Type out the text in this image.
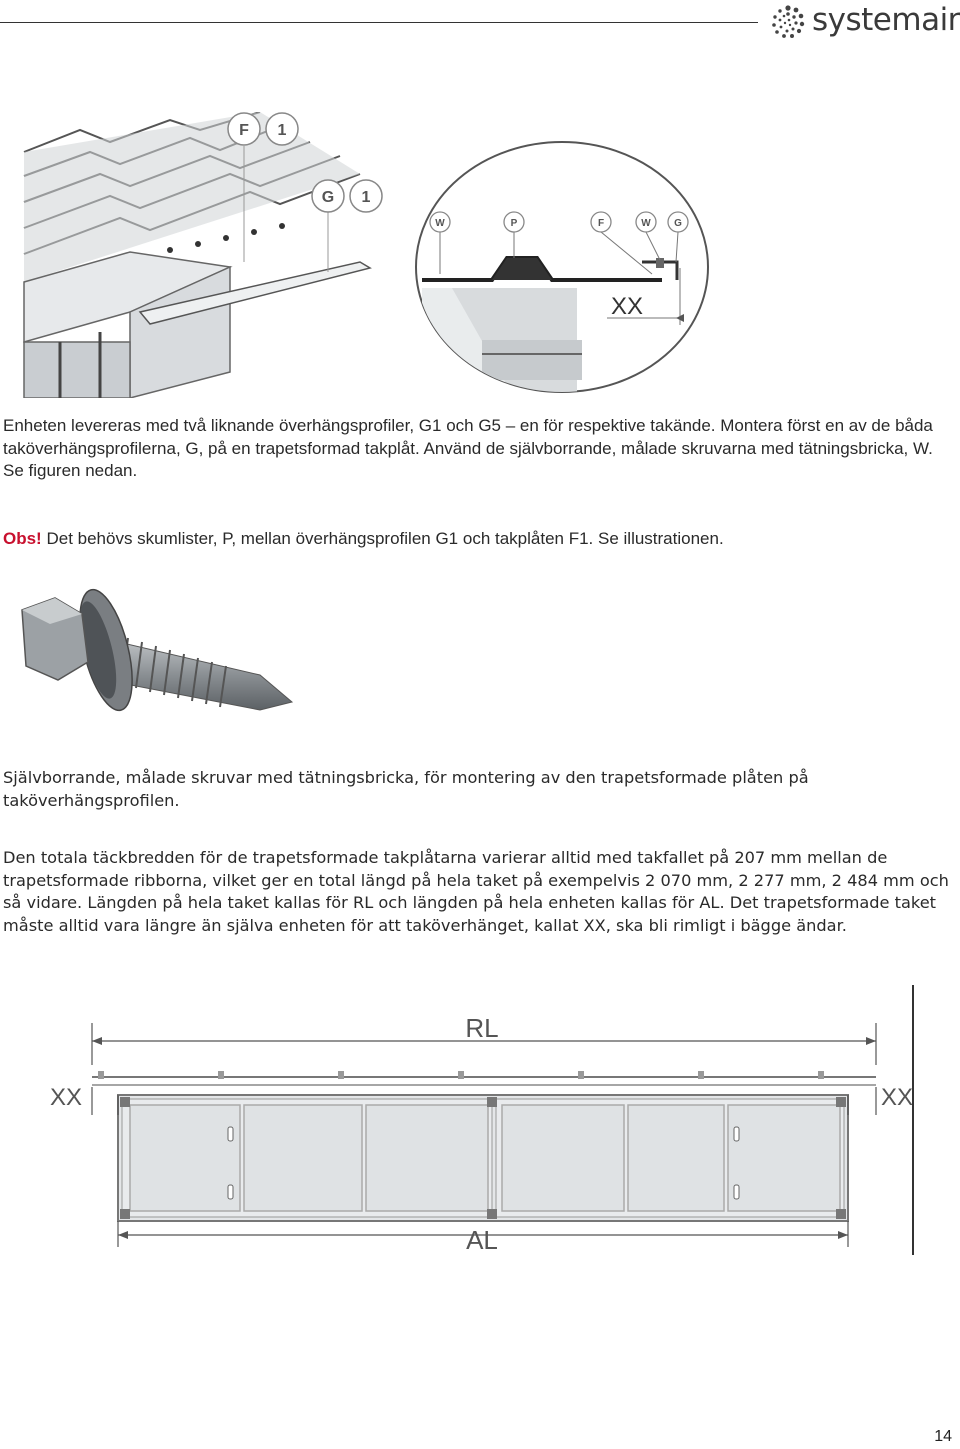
systemair
F 1
G 1
W	P	F	W G
XX

Enheten levereras med två liknande överhängsprofiler, G1 och G5 – en för respektive takände. Montera först en av de båda taköverhängsprofilerna, G, på en trapetsformad takplåt. Använd de självborrande, målade skruvarna med tätningsbricka, W. Se figuren nedan.

Obs! Det behövs skumlister, P, mellan överhängsprofilen G1 och takplåten F1. Se illustrationen.

Självborrande, målade skruvar med tätningsbricka, för montering av den trapetsformade plåten på taköverhängsprofilen.

Den totala täckbredden för de trapetsformade takplåtarna varierar alltid med takfallet på 207 mm mellan de trapetsformade ribborna, vilket ger en total längd på hela taket på exempelvis 2 070 mm, 2 277 mm, 2 484 mm och så vidare. Längden på hela taket kallas för RL och längden på hela enheten kallas för AL. Det trapetsformade taket måste alltid vara längre än själva enheten för att taköverhänget, kallat XX, ska bli rimligt i bägge ändar.

RL
XX	XX
AL
14
